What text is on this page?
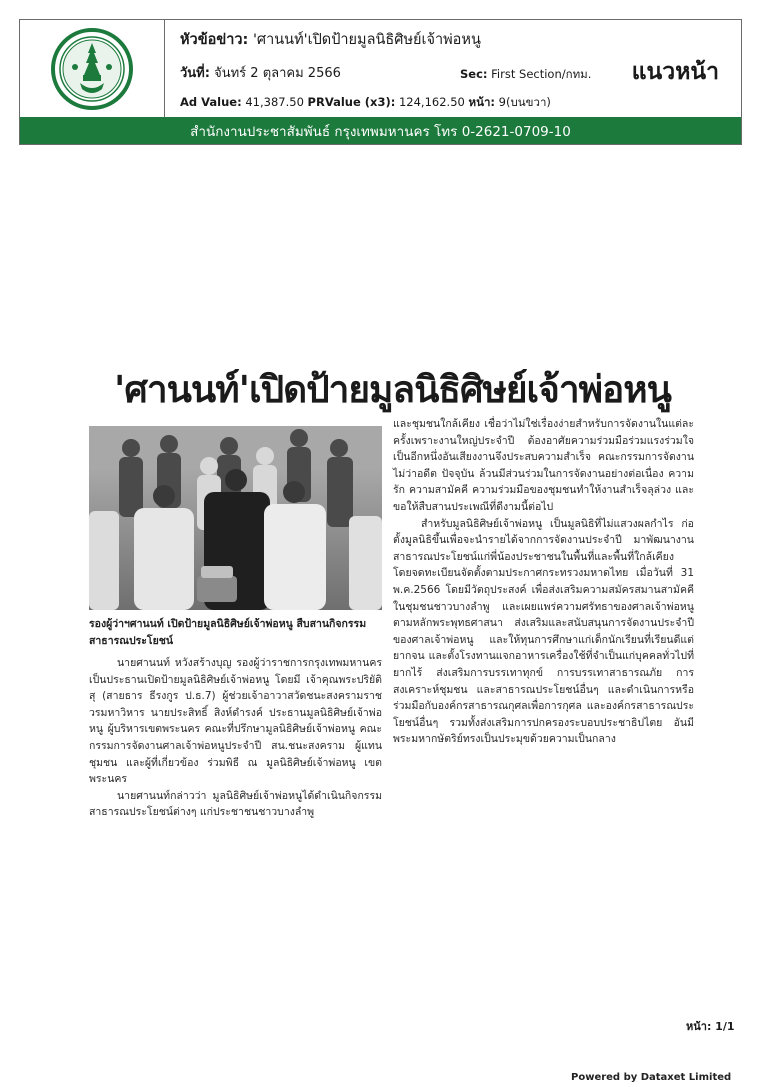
หัวข้อข่าว: 'ศานนท์'เปิดป้ายมูลนิธิศิษย์เจ้าพ่อหนู
วันที่: จันทร์ 2 ตุลาคม 2566	Sec: First Section/กทม.
Ad Value: 41,387.50 PRValue (x3): 124,162.50 หน้า: 9(บนขวา)
แนวหน้า
สำนักงานประชาสัมพันธ์ กรุงเทพมหานคร โทร 0-2621-0709-10
'ศานนท์'เปิดป้ายมูลนิธิศิษย์เจ้าพ่อหนู
รองผู้ว่าฯศานนท์ เปิดป้ายมูลนิธิศิษย์เจ้าพ่อหนู สืบสานกิจกรรมสาธารณประโยชน์

นายศานนท์ หวังสร้างบุญ รองผู้ว่าราชการกรุงเทพมหานคร เป็นประธานเปิดป้ายมูลนิธิศิษย์เจ้าพ่อหนู โดยมี เจ้าคุณพระปริยัติสุ (สายธาร ธีรงกูร ป.ธ.7) ผู้ช่วยเจ้าอาวาสวัดชนะสงครามราชวรมหาวิหาร นายประสิทธิ์ สิงห์ดำรงค์ ประธานมูลนิธิศิษย์เจ้าพ่อหนู ผู้บริหารเขตพระนคร คณะที่ปรึกษามูลนิธิศิษย์เจ้าพ่อหนู คณะกรรมการจัดงานศาลเจ้าพ่อหนูประจำปี สน.ชนะสงคราม ผู้แทนชุมชน และผู้ที่เกี่ยวข้อง ร่วมพิธี ณ มูลนิธิศิษย์เจ้าพ่อหนู เขตพระนคร

นายศานนท์กล่าวว่า มูลนิธิศิษย์เจ้าพ่อหนูได้ดำเนินกิจกรรมสาธารณประโยชน์ต่างๆ แก่ประชาชนชาวบางลำพู

และชุมชนใกล้เคียง เชื่อว่าไม่ใช่เรื่องง่ายสำหรับการจัดงานในแต่ละครั้งเพราะงานใหญ่ประจำปี ต้องอาศัยความร่วมมือร่วมแรงร่วมใจ เป็นอีกหนึ่งอันเสียงงานจึงประสบความสำเร็จ คณะกรรมการจัดงานไม่ว่าอดีต ปัจจุบัน ล้วนมีส่วนร่วมในการจัดงานอย่างต่อเนื่อง ความรัก ความสามัคคี ความร่วมมือของชุมชนทำให้งานสำเร็จลุล่วง และขอให้สืบสานประเพณีที่ดีงามนี้ต่อไป

สำหรับมูลนิธิศิษย์เจ้าพ่อหนู เป็นมูลนิธิที่ไม่แสวงผลกำไร ก่อตั้งมูลนิธิขึ้นเพื่อจะนำรายได้จากการจัดงานประจำปี มาพัฒนางานสาธารณประโยชน์แก่พี่น้องประชาชนในพื้นที่และพื้นที่ใกล้เคียง โดยจดทะเบียนจัดตั้งตามประกาศกระทรวงมหาดไทย เมื่อวันที่ 31 พ.ค.2566 โดยมีวัตถุประสงค์ เพื่อส่งเสริมความสมัครสมานสามัคคีในชุมชนชาวบางลำพู และเผยแพร่ความศรัทธาของศาลเจ้าพ่อหนูตามหลักพระพุทธศาสนา ส่งเสริมและสนับสนุนการจัดงานประจำปีของศาลเจ้าพ่อหนู และให้ทุนการศึกษาแก่เด็กนักเรียนที่เรียนดีแต่ยากจน และตั้งโรงทานแจกอาหารเครื่องใช้ที่จำเป็นแก่บุคคลทั่วไปที่ยากไร้ ส่งเสริมการบรรเทาทุกข์ การบรรเทาสาธารณภัย การสงเคราะห์ชุมชน และสาธารณประโยชน์อื่นๆ และดำเนินการหรือร่วมมือกับองค์กรสาธารณกุศลเพื่อการกุศล และองค์กรสาธารณประโยชน์อื่นๆ รวมทั้งส่งเสริมการปกครองระบอบประชาธิปไตย อันมีพระมหากษัตริย์ทรงเป็นประมุขด้วยความเป็นกลาง

หน้า: 1/1
Powered by Dataxet Limited
